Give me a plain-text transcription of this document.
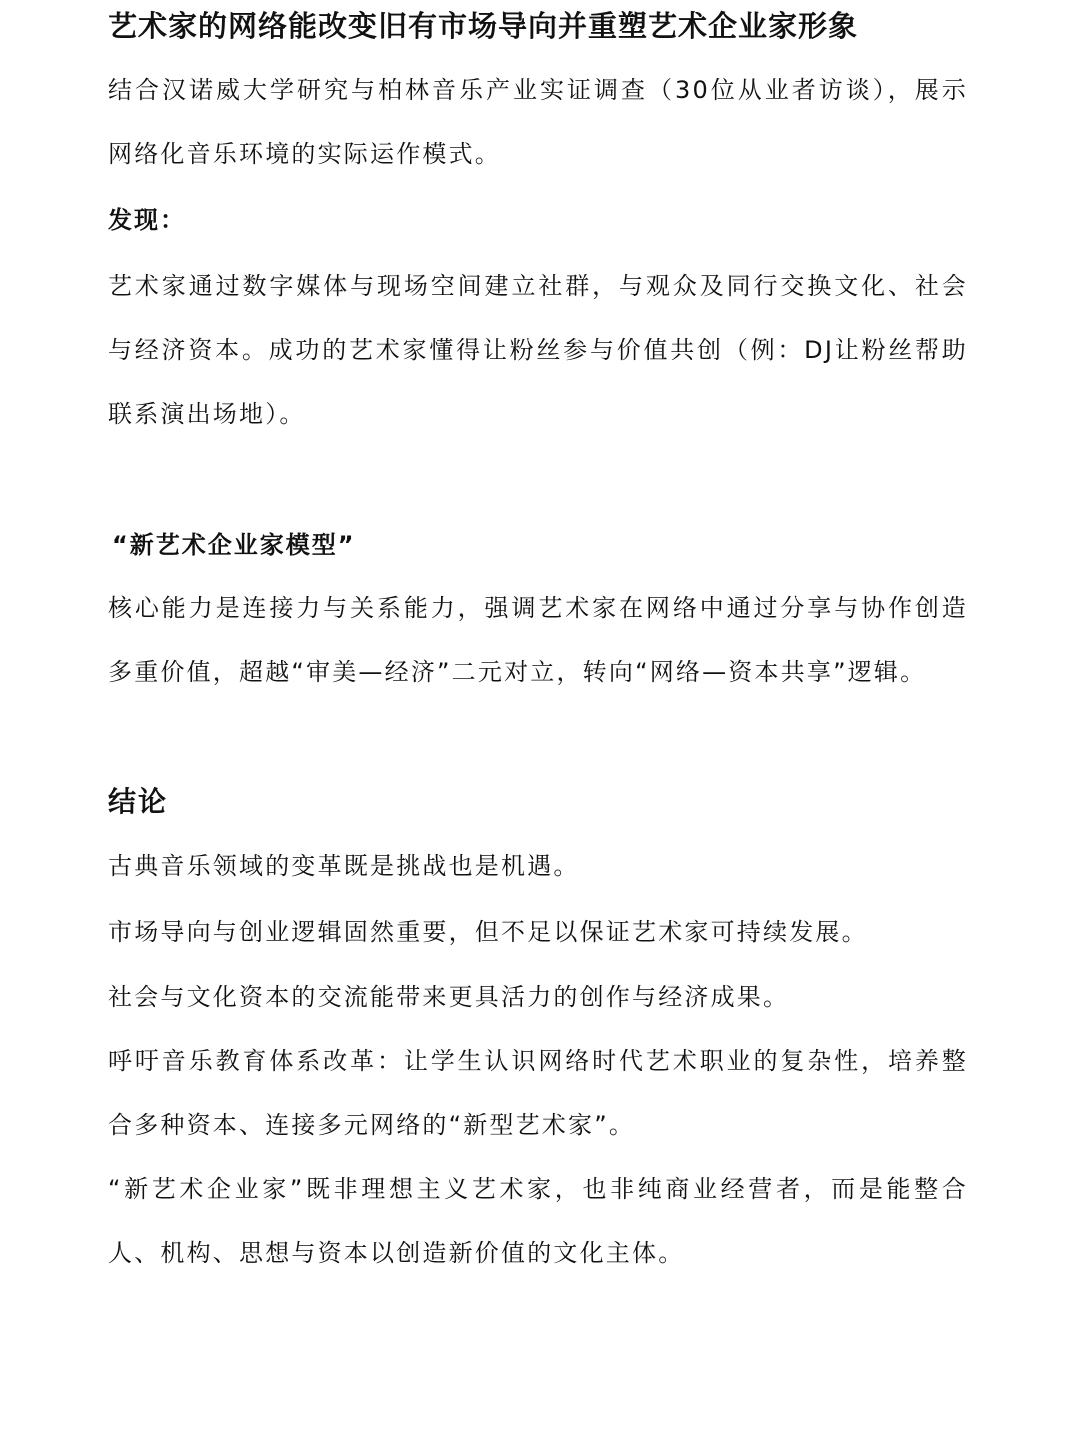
艺术家的网络能改变旧有市场导向并重塑艺术企业家形象
结合汉诺威大学研究与柏林音乐产业实证调查（30位从业者访谈），展示网络化音乐环境的实际运作模式。
发现：
艺术家通过数字媒体与现场空间建立社群，与观众及同行交换文化、社会与经济资本。成功的艺术家懂得让粉丝参与价值共创（例：DJ让粉丝帮助联系演出场地）。
“新艺术企业家模型”
核心能力是连接力与关系能力，强调艺术家在网络中通过分享与协作创造多重价值，超越“审美—经济”二元对立，转向“网络—资本共享”逻辑。
结论
古典音乐领域的变革既是挑战也是机遇。
市场导向与创业逻辑固然重要，但不足以保证艺术家可持续发展。
社会与文化资本的交流能带来更具活力的创作与经济成果。
呼吁音乐教育体系改革：让学生认识网络时代艺术职业的复杂性，培养整合多种资本、连接多元网络的“新型艺术家”。
“新艺术企业家”既非理想主义艺术家，也非纯商业经营者，而是能整合人、机构、思想与资本以创造新价值的文化主体。
